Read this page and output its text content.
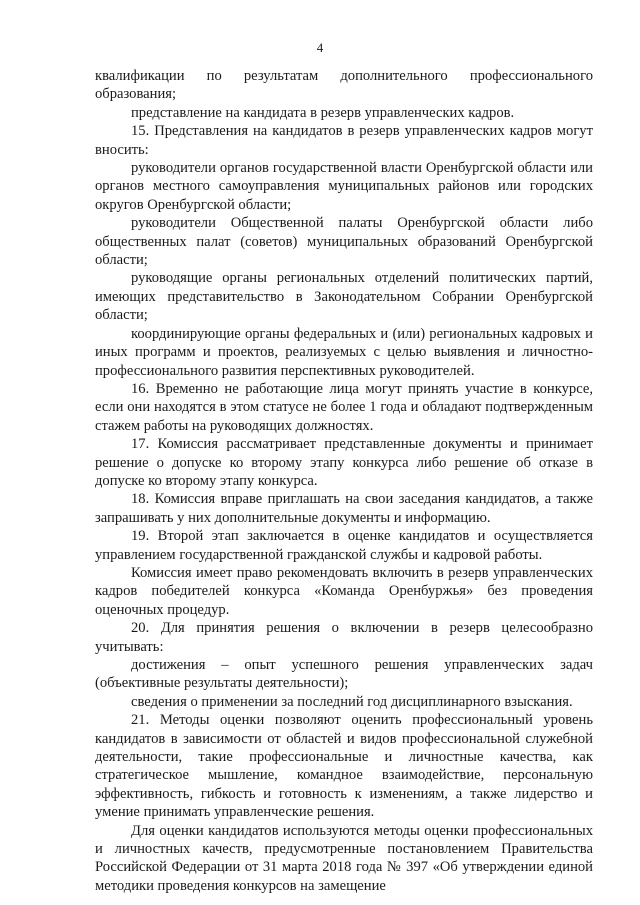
4

квалификации по результатам дополнительного профессионального образования;

представление на кандидата в резерв управленческих кадров.

15. Представления на кандидатов в резерв управленческих кадров могут вносить:

руководители органов государственной власти Оренбургской области или органов местного самоуправления муниципальных районов или городских округов Оренбургской области;

руководители Общественной палаты Оренбургской области либо общественных палат (советов) муниципальных образований Оренбургской области;

руководящие органы региональных отделений политических партий, имеющих представительство в Законодательном Собрании Оренбургской области;

координирующие органы федеральных и (или) региональных кадровых и иных программ и проектов, реализуемых с целью выявления и личностно-профессионального развития перспективных руководителей.

16. Временно не работающие лица могут принять участие в конкурсе, если они находятся в этом статусе не более 1 года и обладают подтвержденным стажем работы на руководящих должностях.

17. Комиссия рассматривает представленные документы и принимает решение о допуске ко второму этапу конкурса либо решение об отказе в допуске ко второму этапу конкурса.

18. Комиссия вправе приглашать на свои заседания кандидатов, а также запрашивать у них дополнительные документы и информацию.

19. Второй этап заключается в оценке кандидатов и осуществляется управлением государственной гражданской службы и кадровой работы.

Комиссия имеет право рекомендовать включить в резерв управленческих кадров победителей конкурса «Команда Оренбуржья» без проведения оценочных процедур.

20. Для принятия решения о включении в резерв целесообразно учитывать:

достижения – опыт успешного решения управленческих задач (объективные результаты деятельности);

сведения о применении за последний год дисциплинарного взыскания.

21. Методы оценки позволяют оценить профессиональный уровень кандидатов в зависимости от областей и видов профессиональной служебной деятельности, такие профессиональные и личностные качества, как стратегическое мышление, командное взаимодействие, персональную эффективность, гибкость и готовность к изменениям, а также лидерство и умение принимать управленческие решения.

Для оценки кандидатов используются методы оценки профессиональных и личностных качеств, предусмотренные постановлением Правительства Российской Федерации от 31 марта 2018 года № 397 «Об утверждении единой методики проведения конкурсов на замещение
